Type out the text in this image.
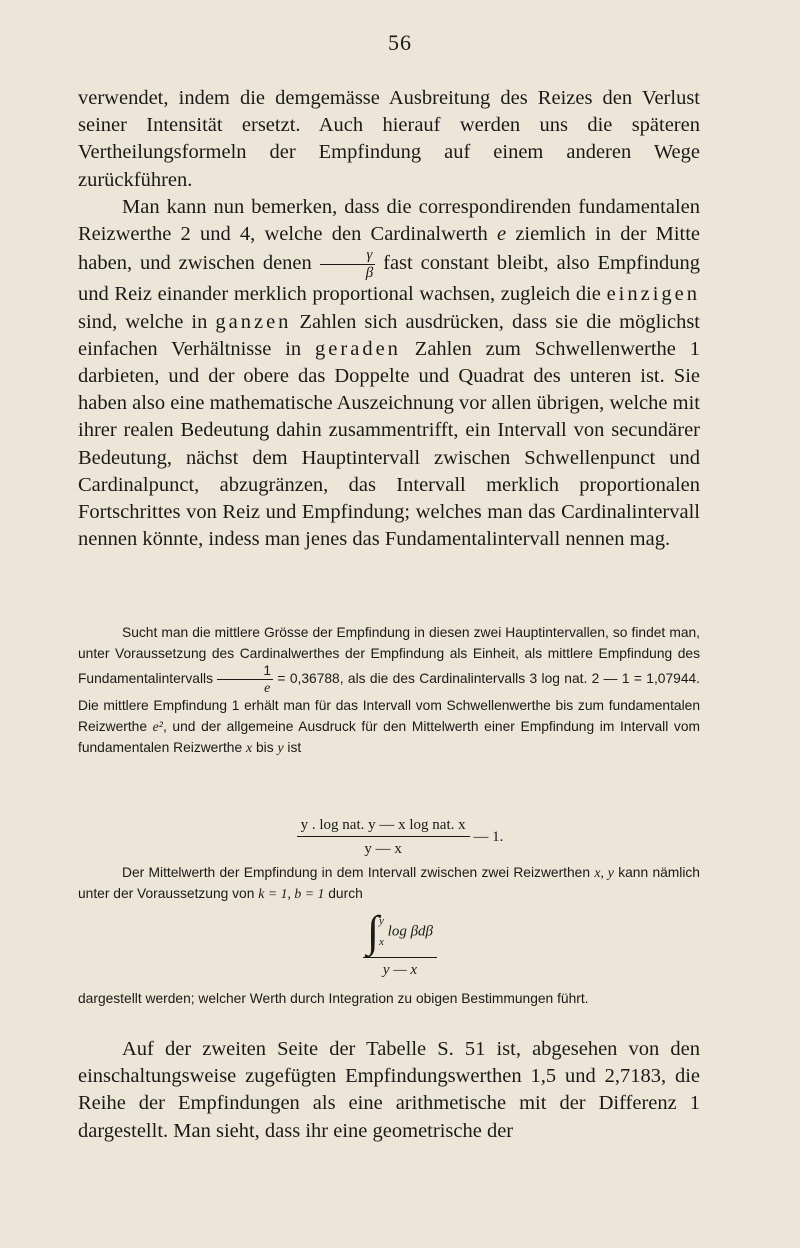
56

verwendet, indem die demgemässe Ausbreitung des Reizes den Verlust seiner Intensität ersetzt. Auch hierauf werden uns die späteren Vertheilungsformeln der Empfindung auf einem anderen Wege zurückführen.

Man kann nun bemerken, dass die correspondirenden fundamentalen Reizwerthe 2 und 4, welche den Cardinalwerth e ziemlich in der Mitte haben, und zwischen denen $\frac{\gamma}{\beta}$ fast constant bleibt, also Empfindung und Reiz einander merklich proportional wachsen, zugleich die einzigen sind, welche in ganzen Zahlen sich ausdrücken, dass sie die möglichst einfachen Verhältnisse in geraden Zahlen zum Schwellenwerthe 1 darbieten, und der obere das Doppelte und Quadrat des unteren ist. Sie haben also eine mathematische Auszeichnung vor allen übrigen, welche mit ihrer realen Bedeutung dahin zusammentrifft, ein Intervall von secundärer Bedeutung, nächst dem Hauptintervall zwischen Schwellenpunct und Cardinalpunct, abzugränzen, das Intervall merklich proportionalen Fortschrittes von Reiz und Empfindung; welches man das Cardinalintervall nennen könnte, indess man jenes das Fundamentalintervall nennen mag.

Sucht man die mittlere Grösse der Empfindung in diesen zwei Hauptintervallen, so findet man, unter Voraussetzung des Cardinalwerthes der Empfindung als Einheit, als mittlere Empfindung des Fundamentalintervalls $\frac{1}{e} = 0,36788$, als die des Cardinalintervalls 3 log nat. 2 — 1 = 1,07944. Die mittlere Empfindung 1 erhält man für das Intervall vom Schwellenwerthe bis zum fundamentalen Reizwerthe e², und der allgemeine Ausdruck für den Mittelwerth einer Empfindung im Intervall vom fundamentalen Reizwerthe x bis y ist

$\frac{\text{y . log nat. y — x log nat. x}}{y — x}$ — 1.

Der Mittelwerth der Empfindung in dem Intervall zwischen zwei Reizwerthen x, y kann nämlich unter der Voraussetzung von k = 1, b = 1 durch

∫y
x log βdβ
y — x

dargestellt werden; welcher Werth durch Integration zu obigen Bestimmungen führt.

Auf der zweiten Seite der Tabelle S. 51 ist, abgesehen von den einschaltungsweise zugefügten Empfindungswerthen 1,5 und 2,7183, die Reihe der Empfindungen als eine arithmetische mit der Differenz 1 dargestellt. Man sieht, dass ihr eine geometrische der
